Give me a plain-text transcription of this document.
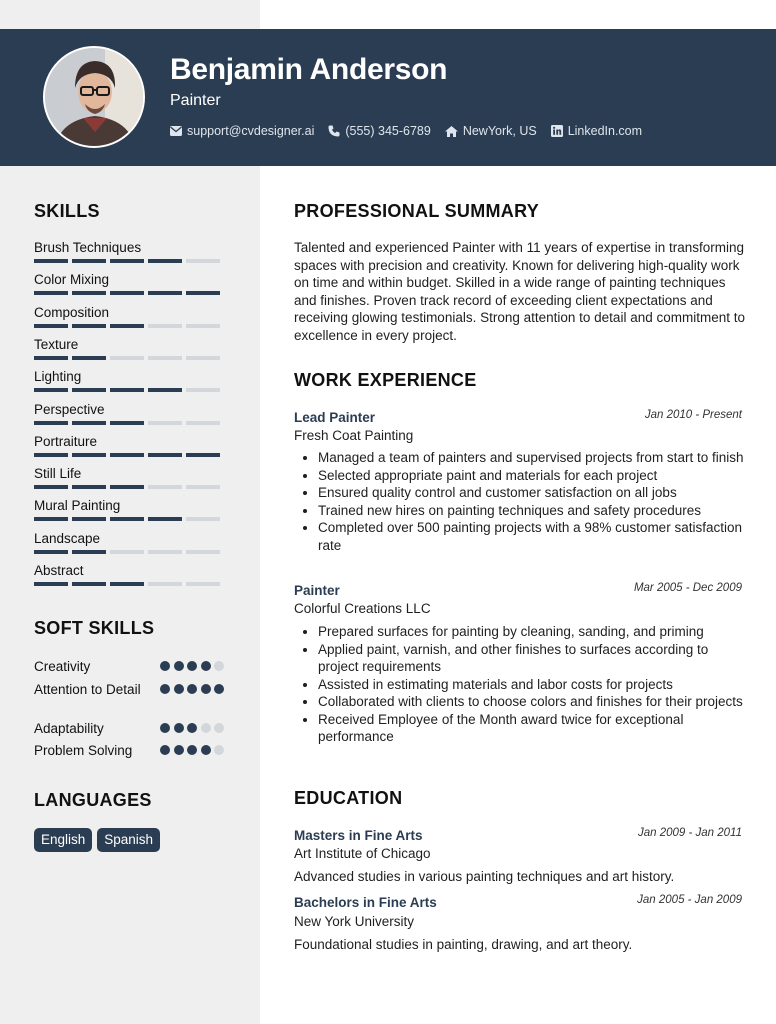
Benjamin Anderson
Painter
support@cvdesigner.ai (555) 345-6789	NewYork, US LinkedIn.com
SKILLS
Brush Techniques
Color Mixing
Composition
Texture
Lighting
Perspective
Portraiture
Still Life
Mural Painting
Landscape
Abstract
SOFT SKILLS
Creativity
Attention to Detail
Adaptability
Problem Solving
LANGUAGES
English	Spanish
PROFESSIONAL SUMMARY
Talented and experienced Painter with 11 years of expertise in transforming spaces with precision and creativity. Known for delivering high-quality work on time and within budget. Skilled in a wide range of painting techniques and finishes. Proven track record of exceeding client expectations and receiving glowing testimonials. Strong attention to detail and commitment to excellence in every project.
WORK EXPERIENCE
Lead Painter	Jan 2010 - Present
Fresh Coat Painting
• Managed a team of painters and supervised projects from start to finish
• Selected appropriate paint and materials for each project
• Ensured quality control and customer satisfaction on all jobs
• Trained new hires on painting techniques and safety procedures
• Completed over 500 painting projects with a 98% customer satisfaction rate
Painter	Mar 2005 - Dec 2009
Colorful Creations LLC
• Prepared surfaces for painting by cleaning, sanding, and priming
• Applied paint, varnish, and other finishes to surfaces according to project requirements
• Assisted in estimating materials and labor costs for projects
• Collaborated with clients to choose colors and finishes for their projects
• Received Employee of the Month award twice for exceptional performance
EDUCATION
Masters in Fine Arts	Jan 2009 - Jan 2011
Art Institute of Chicago
Advanced studies in various painting techniques and art history.
Bachelors in Fine Arts	Jan 2005 - Jan 2009
New York University
Foundational studies in painting, drawing, and art theory.
